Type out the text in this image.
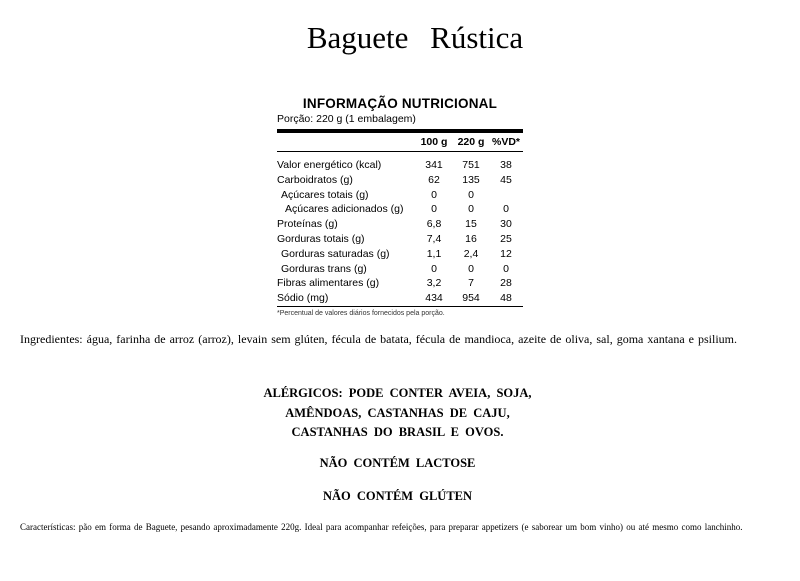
Baguete Rústica
INFORMAÇÃO NUTRICIONAL
Porção: 220 g (1 embalagem)
	100 g	220 g	%VD*

Valor energético (kcal)	341	751	38
Carboidratos (g)	62	135	45
Açúcares totais (g)	0	0	
Açúcares adicionados (g)	0	0	0
Proteínas (g)	6,8	15	30
Gorduras totais (g)	7,4	16	25
Gorduras saturadas (g)	1,1	2,4	12
Gorduras trans (g)	0	0	0
Fibras alimentares (g)	3,2	7	28
Sódio (mg)	434	954	48
*Percentual de valores diários fornecidos pela porção.
Ingredientes: água, farinha de arroz (arroz), levain sem glúten, fécula de batata, fécula de mandioca, azeite de oliva, sal, goma xantana e psilium.
ALÉRGICOS: PODE CONTER AVEIA, SOJA,
AMÊNDOAS, CASTANHAS DE CAJU,
CASTANHAS DO BRASIL E OVOS.
NÃO CONTÉM LACTOSE
NÃO CONTÉM GLÚTEN
Características: pão em forma de Baguete, pesando aproximadamente 220g. Ideal para acompanhar refeições, para preparar appetizers (e saborear um bom vinho) ou até mesmo como lanchinho.
